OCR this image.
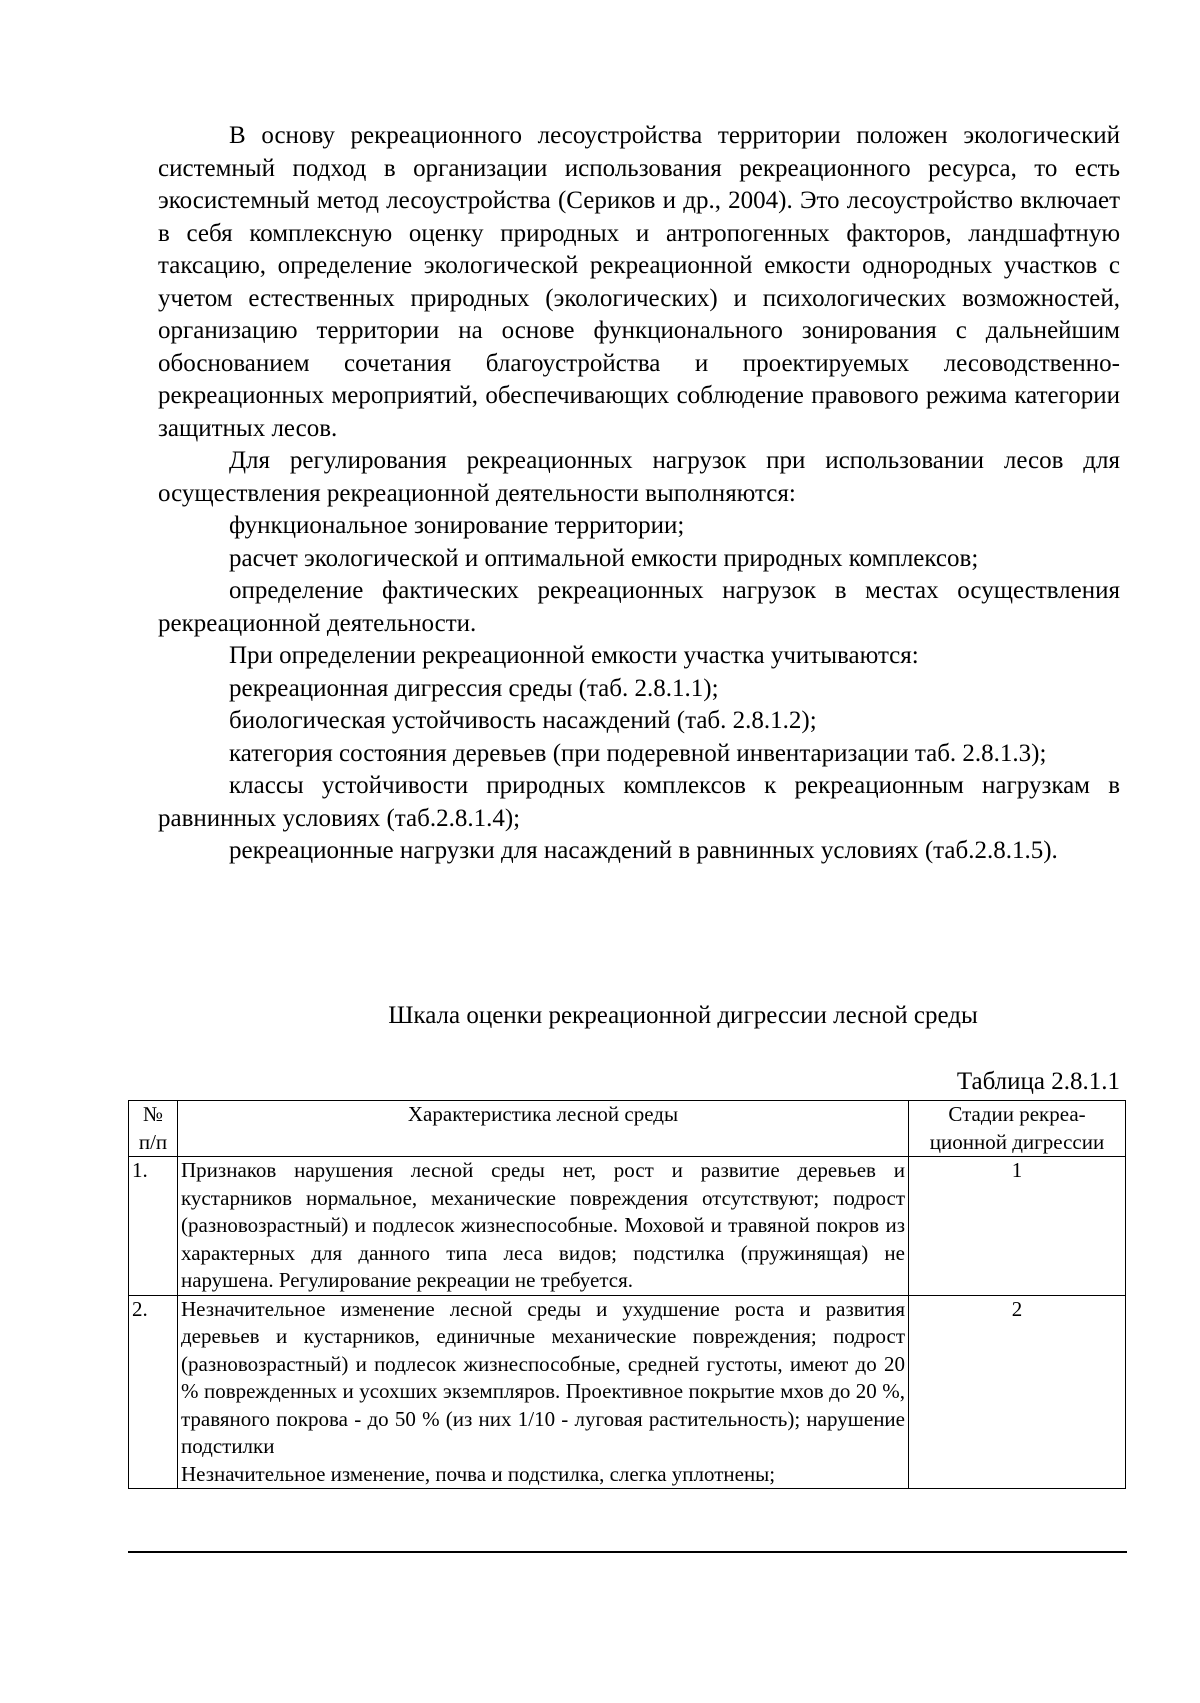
В основу рекреационного лесоустройства территории положен экологический системный подход в организации использования рекреационного ресурса, то есть экосистемный метод лесоустройства (Сериков и др., 2004). Это лесоустройство включает в себя комплексную оценку природных и антропогенных факторов, ландшафтную таксацию, определение экологической рекреационной емкости однородных участков с учетом естественных природных (экологических) и психологических возможностей, организацию территории на основе функционального зонирования с дальнейшим обоснованием сочетания благоустройства и проектируемых лесоводственно-рекреационных мероприятий, обеспечивающих соблюдение правового режима категории защитных лесов.

Для регулирования рекреационных нагрузок при использовании лесов для осуществления рекреационной деятельности выполняются:

функциональное зонирование территории;

расчет экологической и оптимальной емкости природных комплексов;

определение фактических рекреационных нагрузок в местах осуществления рекреационной деятельности.

При определении рекреационной емкости участка учитываются:

рекреационная дигрессия среды (таб. 2.8.1.1);

биологическая устойчивость насаждений (таб. 2.8.1.2);

категория состояния деревьев (при подеревной инвентаризации таб. 2.8.1.3);

классы устойчивости природных комплексов к рекреационным нагрузкам в равнинных условиях (таб.2.8.1.4);

рекреационные нагрузки для насаждений в равнинных условиях (таб.2.8.1.5).

Шкала оценки рекреационной дигрессии лесной среды
Таблица 2.8.1.1
№ п/п	Характеристика лесной среды	Стадии рекреа-ционной дигрессии
1.	Признаков нарушения лесной среды нет, рост и развитие деревьев и кустарников нормальное, механические повреждения отсутствуют; подрост (разновозрастный) и подлесок жизнеспособные. Моховой и травяной покров из характерных для данного типа леса видов; подстилка (пружинящая) не нарушена. Регулирование рекреации не требуется.	1
2.	Незначительное изменение лесной среды и ухудшение роста и развития деревьев и кустарников, единичные механические повреждения; подрост (разновозрастный) и подлесок жизнеспособные, средней густоты, имеют до 20 % поврежденных и усохших экземпляров. Проективное покрытие мхов до 20 %, травяного покрова - до 50 % (из них 1/10 - луговая растительность); нарушение подстилки
Незначительное изменение, почва и подстилка, слегка уплотнены;	2
